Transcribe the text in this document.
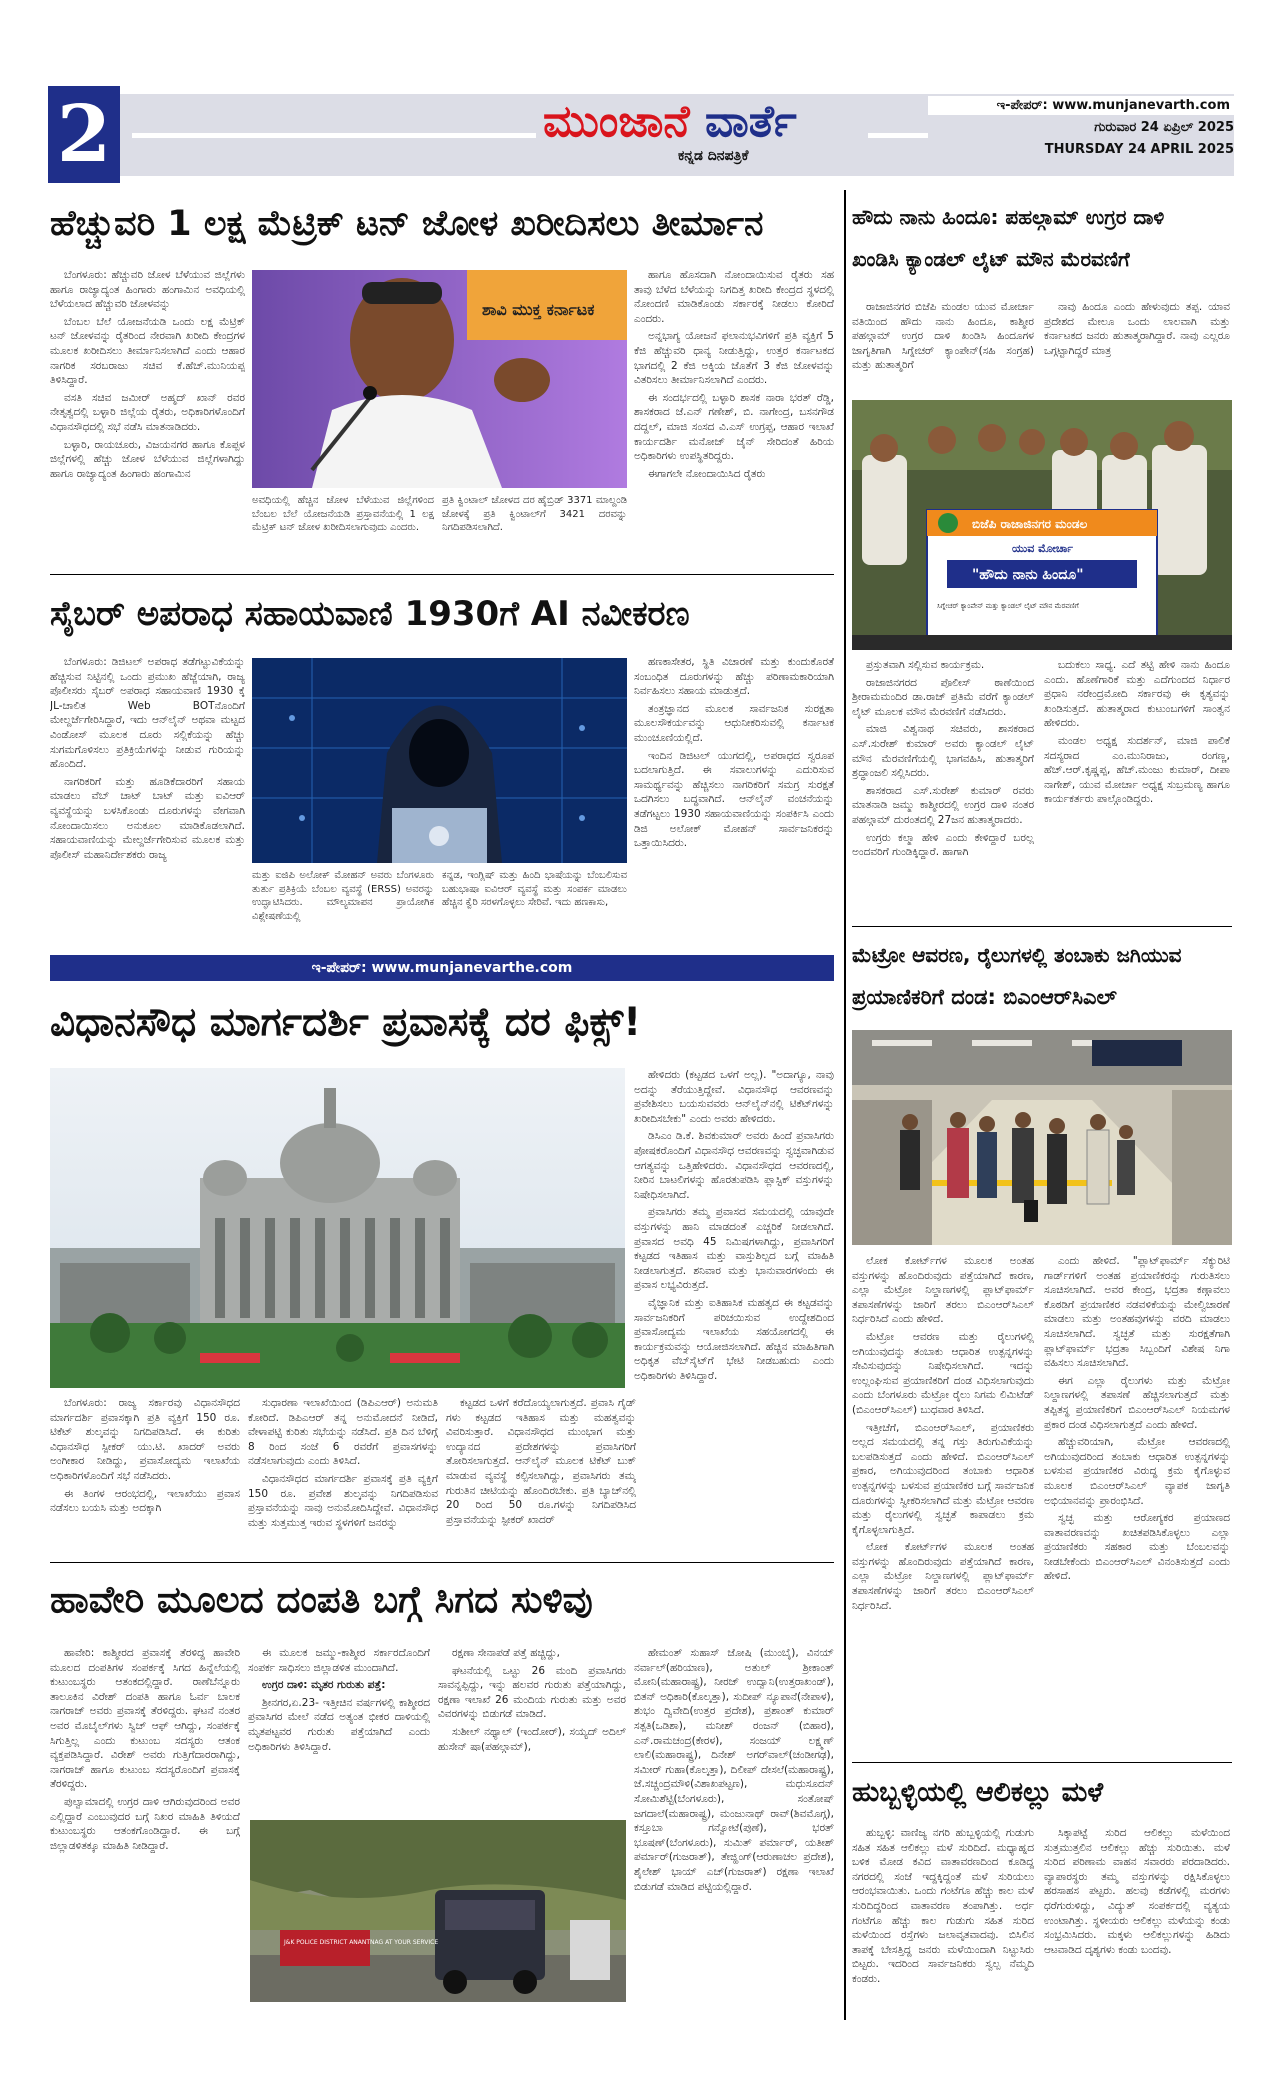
2	ಮುಂಜಾನೆ ವಾರ್ತೆ
ಕನ್ನಡ ದಿನಪತ್ರಿಕೆ
ಇ-ಪೇಪರ್: www.munjanevarth.com
ಗುರುವಾರ 24 ಏಪ್ರಿಲ್ 2025
THURSDAY 24 APRIL 2025
ಹೆಚ್ಚುವರಿ 1 ಲಕ್ಷ ಮೆಟ್ರಿಕ್ ಟನ್ ಜೋಳ ಖರೀದಿಸಲು ತೀರ್ಮಾನ

ಬೆಂಗಳೂರು: ಹೆಚ್ಚುವರಿ ಜೋಳ ಬೆಳೆಯುವ ಜಿಲ್ಲೆಗಳು ಹಾಗೂ ರಾಜ್ಯಾದ್ಯಂತ ಹಿಂಗಾರು ಹಂಗಾಮಿನ ಅವಧಿಯಲ್ಲಿ ಬೆಳೆಯಲಾದ ಹೆಚ್ಚುವರಿ ಜೋಳವನ್ನು

ಬೆಂಬಲ ಬೆಲೆ ಯೋಜನೆಯಡಿ ಒಂದು ಲಕ್ಷ ಮೆಟ್ರಿಕ್ ಟನ್ ಜೋಳವನ್ನು ರೈತರಿಂದ ನೇರವಾಗಿ ಖರೀದಿ ಕೇಂದ್ರಗಳ ಮೂಲಕ ಖರೀದಿಸಲು ತೀರ್ಮಾನಿಸಲಾಗಿದೆ ಎಂದು ಆಹಾರ ನಾಗರಿಕ ಸರಬರಾಜು ಸಚಿವ ಕೆ.ಹೆಚ್.ಮುನಿಯಪ್ಪ ತಿಳಿಸಿದ್ದಾರೆ.

ವಸತಿ ಸಚಿವ ಜಮೀರ್ ಅಹ್ಮದ್ ಖಾನ್ ರವರ ನೇತೃತ್ವದಲ್ಲಿ ಬಳ್ಳಾರಿ ಜಿಲ್ಲೆಯ ರೈತರು, ಅಧಿಕಾರಿಗಳೊಂದಿಗೆ ವಿಧಾನಸೌಧದಲ್ಲಿ ಸಭೆ ನಡೆಸಿ ಮಾತನಾಡಿದರು.

ಬಳ್ಳಾರಿ, ರಾಯಚೂರು, ವಿಜಯನಗರ ಹಾಗೂ ಕೊಪ್ಪಳ ಜಿಲ್ಲೆಗಳಲ್ಲಿ ಹೆಚ್ಚು ಜೋಳ ಬೆಳೆಯುವ ಜಿಲ್ಲೆಗಳಾಗಿದ್ದು ಹಾಗೂ ರಾಜ್ಯಾದ್ಯಂತ ಹಿಂಗಾರು ಹಂಗಾಮಿನ

ಶಾವಿ ಮುಕ್ತ ಕರ್ನಾಟಕ
ಅವಧಿಯಲ್ಲಿ ಹೆಚ್ಚಿನ ಜೋಳ ಬೆಳೆಯುವ ಜಿಲ್ಲೆಗಳಿಂದ ಬೆಂಬಲ ಬೆಲೆ ಯೋಜನೆಯಡಿ ಪ್ರಸ್ತಾವನೆಯಲ್ಲಿ 1 ಲಕ್ಷ ಮೆಟ್ರಿಕ್ ಟನ್ ಜೋಳ ಖರೀದಿಸಲಾಗುವುದು ಎಂದರು.
ಪ್ರತಿ ಕ್ವಿಂಟಾಲ್ ಜೋಳದ ದರ ಹೈಬ್ರಿಡ್ 3371 ಮಾಲ್ದಂಡಿ ಜೋಳಕ್ಕೆ ಪ್ರತಿ ಕ್ವಿಂಟಾಲ್‌ಗೆ 3421 ದರವನ್ನು ನಿಗದಿಪಡಿಸಲಾಗಿದೆ.

ಹಾಗೂ ಹೊಸದಾಗಿ ನೋಂದಾಯಿಸುವ ರೈತರು ಸಹ ತಾವು ಬೆಳೆದ ಬೆಳೆಯನ್ನು ನಿಗದಿತ್ತ ಖರೀದಿ ಕೇಂದ್ರದ ಸ್ಥಳದಲ್ಲಿ ನೋಂದಣಿ ಮಾಡಿಕೊಂಡು ಸರ್ಕಾರಕ್ಕೆ ನೀಡಲು ಕೋರಿದೆ ಎಂದರು.

ಅನ್ನಭಾಗ್ಯ ಯೋಜನೆ ಫಲಾನುಭವಿಗಳಿಗೆ ಪ್ರತಿ ವ್ಯಕ್ತಿಗೆ 5 ಕೆಜಿ ಹೆಚ್ಚುವರಿ ಧಾನ್ಯ ನೀಡುತ್ತಿದ್ದು, ಉತ್ತರ ಕರ್ನಾಟಕದ ಭಾಗದಲ್ಲಿ 2 ಕೆಜಿ ಅಕ್ಕಿಯ ಜೊತೆಗೆ 3 ಕೆಜಿ ಜೋಳವನ್ನು ವಿತರಿಸಲು ತೀರ್ಮಾನಿಸಲಾಗಿದೆ ಎಂದರು.

ಈ ಸಂದರ್ಭದಲ್ಲಿ ಬಳ್ಳಾರಿ ಶಾಸಕ ನಾರಾ ಭರತ್ ರೆಡ್ಡಿ, ಶಾಸಕರಾದ ಜೆ.ಎನ್ ಗಣೇಶ್, ಬಿ. ನಾಗೇಂದ್ರ, ಬಸನಗೌಡ ದದ್ದಲ್, ಮಾಜಿ ಸಂಸದ ವಿ.ಎಸ್ ಉಗ್ರಪ್ಪ, ಆಹಾರ ಇಲಾಖೆ ಕಾರ್ಯದರ್ಶಿ ಮನೋಜ್ ಜೈನ್ ಸೇರಿದಂತೆ ಹಿರಿಯ ಅಧಿಕಾರಿಗಳು ಉಪಸ್ಥಿತರಿದ್ದರು.

ಈಗಾಗಲೇ ನೋಂದಾಯಿಸಿದ ರೈತರು

ಸೈಬರ್ ಅಪರಾಧ ಸಹಾಯವಾಣಿ 1930ಗೆ AI ನವೀಕರಣ

ಬೆಂಗಳೂರು: ಡಿಜಿಟಲ್ ಅಪರಾಧ ತಡೆಗಟ್ಟುವಿಕೆಯನ್ನು ಹೆಚ್ಚಿಸುವ ನಿಟ್ಟಿನಲ್ಲಿ ಒಂದು ಪ್ರಮುಖ ಹೆಜ್ಜೆಯಾಗಿ, ರಾಜ್ಯ ಪೊಲೀಸರು ಸೈಬರ್ ಅಪರಾಧ ಸಹಾಯವಾಣಿ 1930 ಕ್ಕೆ JL-ಚಾಲಿತ Web BOTನೊಂದಿಗೆ ಮೇಲ್ದರ್ಜೆಗೇರಿಸಿದ್ದಾರೆ, ಇದು ಆನ್‌ಲೈನ್ ಅಥವಾ ಮಟ್ಟದ ವಿಂಡೋಸ್ ಮೂಲಕ ದೂರು ಸಲ್ಲಿಕೆಯನ್ನು ಹೆಚ್ಚು ಸುಗಮಗೊಳಿಸಲು ಪ್ರತಿಕ್ರಿಯೆಗಳನ್ನು ನೀಡುವ ಗುರಿಯನ್ನು ಹೊಂದಿದೆ.

ನಾಗರಿಕರಿಗೆ ಮತ್ತು ಹೂಡಿಕೆದಾರರಿಗೆ ಸಹಾಯ ಮಾಡಲು ವೆಬ್ ಚಾಟ್ ಬಾಟ್ ಮತ್ತು ಐವಿಆರ್ ವ್ಯವಸ್ಥೆಯನ್ನು ಬಳಸಿಕೊಂಡು ದೂರುಗಳನ್ನು ವೇಗವಾಗಿ ನೋಂದಾಯಿಸಲು ಅನುಕೂಲ ಮಾಡಿಕೊಡಲಾಗಿದೆ. ಸಹಾಯವಾಣಿಯನ್ನು ಮೇಲ್ದರ್ಜೆಗೇರಿಸುವ ಮೂಲಕ ಮತ್ತು ಪೊಲೀಸ್ ಮಹಾನಿರ್ದೇಶಕರು ರಾಜ್ಯ

ಮತ್ತು ಐಜಿಪಿ ಅಲೋಕ್ ಮೋಹನ್ ಅವರು ಬೆಂಗಳೂರು ತುರ್ತು ಪ್ರತಿಕ್ರಿಯೆ ಬೆಂಬಲ ವ್ಯವಸ್ಥೆ (ERSS) ಅವರನ್ನು ಉದ್ಘಾಟಿಸಿದರು. ಮೌಲ್ಯಮಾಪನ ಪ್ರಾಯೋಗಿಕ ವಿಶ್ಲೇಷಣೆಯಲ್ಲಿ
ಕನ್ನಡ, ಇಂಗ್ಲಿಷ್ ಮತ್ತು ಹಿಂದಿ ಭಾಷೆಯನ್ನು ಬೆಂಬಲಿಸುವ ಬಹುಭಾಷಾ ಐವಿಆರ್ ವ್ಯವಸ್ಥೆ ಮತ್ತು ಸಂಪರ್ಕ ಮಾಡಲು ಹೆಚ್ಚಿನ ಕ್ವೆರಿ ಸರಳಗೊಳ್ಳಲು ಸೇರಿವೆ. ಇದು ಹಣಕಾಸು,

ಹಣಕಾಸೇತರ, ಸ್ಥಿತಿ ವಿಚಾರಣೆ ಮತ್ತು ಕುಂದುಕೊರತೆ ಸಂಬಂಧಿತ ದೂರುಗಳನ್ನು ಹೆಚ್ಚು ಪರಿಣಾಮಕಾರಿಯಾಗಿ ನಿರ್ವಹಿಸಲು ಸಹಾಯ ಮಾಡುತ್ತದೆ.

ತಂತ್ರಜ್ಞಾನದ ಮೂಲಕ ಸಾರ್ವಜನಿಕ ಸುರಕ್ಷತಾ ಮೂಲಸೌಕರ್ಯವನ್ನು ಆಧುನೀಕರಿಸುವಲ್ಲಿ ಕರ್ನಾಟಕ ಮುಂಚೂಣಿಯಲ್ಲಿದೆ.

ಇಂದಿನ ಡಿಜಿಟಲ್ ಯುಗದಲ್ಲಿ, ಅಪರಾಧದ ಸ್ವರೂಪ ಬದಲಾಗುತ್ತಿದೆ. ಈ ಸವಾಲುಗಳನ್ನು ಎದುರಿಸುವ ಸಾಮರ್ಥ್ಯವನ್ನು ಹೆಚ್ಚಿಸಲು ನಾಗರಿಕರಿಗೆ ಸಮಗ್ರ ಸುರಕ್ಷತೆ ಒದಗಿಸಲು ಬದ್ಧವಾಗಿದೆ. ಆನ್‌ಲೈನ್ ವಂಚನೆಯನ್ನು ತಡೆಗಟ್ಟಲು 1930 ಸಹಾಯವಾಣಿಯನ್ನು ಸಂಪರ್ಕಿಸಿ ಎಂದು ಡಿಜಿ ಅಲೋಕ್ ಮೋಹನ್ ಸಾರ್ವಜನಿಕರನ್ನು ಒತ್ತಾಯಿಸಿದರು.

ಇ-ಪೇಪರ್: www.munjanevarthe.com
ವಿಧಾನಸೌಧ ಮಾರ್ಗದರ್ಶಿ ಪ್ರವಾಸಕ್ಕೆ ದರ ಫಿಕ್ಸ್!

ಹೇಳಿದರು (ಕಟ್ಟಡದ ಒಳಗೆ ಅಲ್ಲ). "ಅದಾಗ್ಯೂ, ನಾವು ಅದನ್ನು ತೆರೆಯುತ್ತಿದ್ದೇವೆ. ವಿಧಾನಸೌಧ ಆವರಣವನ್ನು ಪ್ರವೇಶಿಸಲು ಬಯಸುವವರು ಆನ್‌ಲೈನ್‌ನಲ್ಲಿ ಟಿಕೆಟ್‌ಗಳನ್ನು ಖರೀದಿಸಬೇಕು" ಎಂದು ಅವರು ಹೇಳಿದರು.

ಡಿಸಿಎಂ ಡಿ.ಕೆ. ಶಿವಕುಮಾರ್ ಅವರು ಹಿಂದೆ ಪ್ರವಾಸಿಗರು ಪೋಷಕರೊಂದಿಗೆ ವಿಧಾನಸೌಧ ಆವರಣವನ್ನು ಸ್ವಚ್ಛವಾಗಿಡುವ ಆಗತ್ಯವನ್ನು ಒತ್ತಿಹೇಳಿದರು. ವಿಧಾನಸೌಧದ ಆವರಣದಲ್ಲಿ, ನೀರಿನ ಬಾಟಲಿಗಳನ್ನು ಹೊರತುಪಡಿಸಿ ಪ್ಲಾಸ್ಟಿಕ್ ವಸ್ತುಗಳನ್ನು ನಿಷೇಧಿಸಲಾಗಿದೆ.

ಪ್ರವಾಸಿಗರು ತಮ್ಮ ಪ್ರವಾಸದ ಸಮಯದಲ್ಲಿ ಯಾವುದೇ ವಸ್ತುಗಳನ್ನು ಹಾನಿ ಮಾಡದಂತೆ ಎಚ್ಚರಿಕೆ ನೀಡಲಾಗಿದೆ. ಪ್ರವಾಸದ ಅವಧಿ 45 ನಿಮಿಷಗಳಾಗಿದ್ದು, ಪ್ರವಾಸಿಗರಿಗೆ ಕಟ್ಟಡದ ಇತಿಹಾಸ ಮತ್ತು ವಾಸ್ತುಶಿಲ್ಪದ ಬಗ್ಗೆ ಮಾಹಿತಿ ನೀಡಲಾಗುತ್ತದೆ. ಶನಿವಾರ ಮತ್ತು ಭಾನುವಾರಗಳಂದು ಈ ಪ್ರವಾಸ ಲಭ್ಯವಿರುತ್ತದೆ.

ವೈಜ್ಞಾನಿಕ ಮತ್ತು ಐತಿಹಾಸಿಕ ಮಹತ್ವದ ಈ ಕಟ್ಟಡವನ್ನು ಸಾರ್ವಜನಿಕರಿಗೆ ಪರಿಚಯಿಸುವ ಉದ್ದೇಶದಿಂದ ಪ್ರವಾಸೋದ್ಯಮ ಇಲಾಖೆಯ ಸಹಯೋಗದಲ್ಲಿ ಈ ಕಾರ್ಯಕ್ರಮವನ್ನು ಆಯೋಜಿಸಲಾಗಿದೆ. ಹೆಚ್ಚಿನ ಮಾಹಿತಿಗಾಗಿ ಅಧಿಕೃತ ವೆಬ್‌ಸೈಟ್‌ಗೆ ಭೇಟಿ ನೀಡಬಹುದು ಎಂದು ಅಧಿಕಾರಿಗಳು ತಿಳಿಸಿದ್ದಾರೆ.

ಬೆಂಗಳೂರು: ರಾಜ್ಯ ಸರ್ಕಾರವು ವಿಧಾನಸೌಧದ ಮಾರ್ಗದರ್ಶಿ ಪ್ರವಾಸಕ್ಕಾಗಿ ಪ್ರತಿ ವ್ಯಕ್ತಿಗೆ 150 ರೂ. ಟಿಕೆಟ್ ಶುಲ್ಕವನ್ನು ನಿಗದಿಪಡಿಸಿದೆ. ಈ ಕುರಿತು ವಿಧಾನಸೌಧ ಸ್ಪೀಕರ್ ಯು.ಟಿ. ಖಾದರ್ ಅವರು ಅಂಗೀಕಾರ ನೀಡಿದ್ದು, ಪ್ರವಾಸೋದ್ಯಮ ಇಲಾಖೆಯ ಅಧಿಕಾರಿಗಳೊಂದಿಗೆ ಸಭೆ ನಡೆಸಿದರು.

ಈ ತಿಂಗಳ ಆರಂಭದಲ್ಲಿ, ಇಲಾಖೆಯು ಪ್ರವಾಸ ನಡೆಸಲು ಬಯಸಿ ಮತ್ತು ಅದಕ್ಕಾಗಿ

ಸುಧಾರಣಾ ಇಲಾಖೆಯಿಂದ (ಡಿಪಿಎಆರ್) ಅನುಮತಿ ಕೋರಿದೆ. ಡಿಪಿಎಆರ್ ತನ್ನ ಅನುಮೋದನೆ ನೀಡಿದೆ, ವೇಳಾಪಟ್ಟಿ ಕುರಿತು ಸಭೆಯನ್ನು ನಡೆಸಿದೆ. ಪ್ರತಿ ದಿನ ಬೆಳಿಗ್ಗೆ 8 ರಿಂದ ಸಂಜೆ 6 ರವರೆಗೆ ಪ್ರವಾಸಗಳನ್ನು ನಡೆಸಲಾಗುವುದು ಎಂದು ತಿಳಿಸಿದೆ.

ವಿಧಾನಸೌಧದ ಮಾರ್ಗದರ್ಶಿ ಪ್ರವಾಸಕ್ಕೆ ಪ್ರತಿ ವ್ಯಕ್ತಿಗೆ 150 ರೂ. ಪ್ರವೇಶ ಶುಲ್ಕವನ್ನು ನಿಗದಿಪಡಿಸುವ ಪ್ರಸ್ತಾವನೆಯನ್ನು ನಾವು ಅನುಮೋದಿಸಿದ್ದೇವೆ. ವಿಧಾನಸೌಧ ಮತ್ತು ಸುತ್ತಮುತ್ತ ಇರುವ ಸ್ಥಳಗಳಿಗೆ ಜನರನ್ನು

ಕಟ್ಟಡದ ಒಳಗೆ ಕರೆದೊಯ್ಯಲಾಗುತ್ತದೆ. ಪ್ರವಾಸಿ ಗೈಡ್ ಗಳು ಕಟ್ಟಡದ ಇತಿಹಾಸ ಮತ್ತು ಮಹತ್ವವನ್ನು ವಿವರಿಸುತ್ತಾರೆ. ವಿಧಾನಸೌಧದ ಮುಂಭಾಗ ಮತ್ತು ಉದ್ಯಾನದ ಪ್ರದೇಶಗಳನ್ನು ಪ್ರವಾಸಿಗರಿಗೆ ತೋರಿಸಲಾಗುತ್ತದೆ. ಆನ್‌ಲೈನ್ ಮೂಲಕ ಟಿಕೆಟ್ ಬುಕ್ ಮಾಡುವ ವ್ಯವಸ್ಥೆ ಕಲ್ಪಿಸಲಾಗಿದ್ದು, ಪ್ರವಾಸಿಗರು ತಮ್ಮ ಗುರುತಿನ ಚೀಟಿಯನ್ನು ಹೊಂದಿರಬೇಕು. ಪ್ರತಿ ಬ್ಯಾಚ್‌ನಲ್ಲಿ 20 ರಿಂದ 50 ರೂ.ಗಳನ್ನು ನಿಗದಿಪಡಿಸಿದ ಪ್ರಸ್ತಾವನೆಯನ್ನು ಸ್ಪೀಕರ್ ಖಾದರ್

ಹಾವೇರಿ ಮೂಲದ ದಂಪತಿ ಬಗ್ಗೆ ಸಿಗದ ಸುಳಿವು

ಹಾವೇರಿ: ಕಾಶ್ಮೀರದ ಪ್ರವಾಸಕ್ಕೆ ತೆರಳಿದ್ದ ಹಾವೇರಿ ಮೂಲದ ದಂಪತಿಗಳ ಸಂಪರ್ಕಕ್ಕೆ ಸಿಗದ ಹಿನ್ನೆಲೆಯಲ್ಲಿ ಕುಟುಂಬಸ್ಥರು ಆತಂಕದಲ್ಲಿದ್ದಾರೆ. ರಾಣೆಬೆನ್ನೂರು ತಾಲೂಕಿನ ವಿರೇಶ್ ದಂಪತಿ ಹಾಗೂ ಓರ್ವ ಬಾಲಕ ನಾಗರಾಜ್ ಅವರು ಪ್ರವಾಸಕ್ಕೆ ತೆರಳಿದ್ದರು. ಘಟನೆ ನಂತರ ಅವರ ಮೊಬೈಲ್‌ಗಳು ಸ್ವಿಚ್ ಆಫ್ ಆಗಿದ್ದು, ಸಂಪರ್ಕಕ್ಕೆ ಸಿಗುತ್ತಿಲ್ಲ ಎಂದು ಕುಟುಂಬ ಸದಸ್ಯರು ಆತಂಕ ವ್ಯಕ್ತಪಡಿಸಿದ್ದಾರೆ. ವಿರೇಶ್ ಅವರು ಗುತ್ತಿಗೆದಾರರಾಗಿದ್ದು, ನಾಗರಾಜ್ ಹಾಗೂ ಕುಟುಂಬ ಸದಸ್ಯರೊಂದಿಗೆ ಪ್ರವಾಸಕ್ಕೆ ತೆರಳಿದ್ದರು.

ಪುಲ್ವಾಮಾದಲ್ಲಿ ಉಗ್ರರ ದಾಳಿ ಆಗಿರುವುದರಿಂದ ಅವರ ಎಲ್ಲಿದ್ದಾರೆ ಎಂಬುವುದರ ಬಗ್ಗೆ ನಿಖರ ಮಾಹಿತಿ ತಿಳಿಯದೆ ಕುಟುಂಬಸ್ಥರು ಆತಂಕಗೊಂಡಿದ್ದಾರೆ. ಈ ಬಗ್ಗೆ ಜಿಲ್ಲಾಡಳಿತಕ್ಕೂ ಮಾಹಿತಿ ನೀಡಿದ್ದಾರೆ.

ಈ ಮೂಲಕ ಜಮ್ಮು-ಕಾಶ್ಮೀರ ಸರ್ಕಾರದೊಂದಿಗೆ ಸಂಪರ್ಕ ಸಾಧಿಸಲು ಜಿಲ್ಲಾಡಳಿತ ಮುಂದಾಗಿದೆ.

ಉಗ್ರರ ದಾಳಿ: ಮೃತರ ಗುರುತು ಪತ್ತೆ:

ಶ್ರೀನಗರ,ಏ.23- ಇತ್ತೀಚಿನ ವರ್ಷಗಳಲ್ಲಿ ಕಾಶ್ಮೀರದ ಪ್ರವಾಸಿಗರ ಮೇಲೆ ನಡೆದ ಅತ್ಯಂತ ಭೀಕರ ದಾಳಿಯಲ್ಲಿ ಮೃತಪಟ್ಟವರ ಗುರುತು ಪತ್ತೆಯಾಗಿದೆ ಎಂದು ಅಧಿಕಾರಿಗಳು ತಿಳಿಸಿದ್ದಾರೆ.

ರಕ್ಷಣಾ ಸೇನಾಪಡೆ ಪತ್ತೆ ಹಚ್ಚಿದ್ದು,

ಘಟನೆಯಲ್ಲಿ ಒಟ್ಟು 26 ಮಂದಿ ಪ್ರವಾಸಿಗರು ಸಾವನ್ನಪ್ಪಿದ್ದು, ಇನ್ನು ಹಲವರ ಗುರುತು ಪತ್ತೆಯಾಗಿದ್ದು, ರಕ್ಷಣಾ ಇಲಾಖೆ 26 ಮಂದಿಯ ಗುರುತು ಮತ್ತು ಅವರ ವಿವರಗಳನ್ನು ಬಿಡುಗಡೆ ಮಾಡಿದೆ.

ಸುಶೀಲ್ ನಥ್ಯಾಲ್ (ಇಂದೋರ್), ಸಯ್ಯದ್ ಅದಿಲ್ ಹುಸೇನ್ ಷಾ(ಪಹಲ್ಗಾಮ್),

J&K POLICE DISTRICT ANANTNAG AT YOUR SERVICE

ಹೇಮಂತ್ ಸುಹಾಸ್ ಜೋಷಿ (ಮುಂಬೈ), ವಿನಯ್ ನರ್ವಾಲ್(ಹರಿಯಾಣ), ಅತುಲ್ ಶ್ರೀಕಾಂತ್ ಮೋನಿ(ಮಹಾರಾಷ್ಟ್ರ), ನೀರಜ್ ಉದ್ವಾನಿ(ಉತ್ತರಾಖಂಡ್), ಬಿತನ್ ಅಧಿಕಾರಿ(ಕೊಲ್ಕತ್ತಾ), ಸುದೀಪ್ ನ್ಯೂಪಾನೆ(ನೇಪಾಳ), ಶುಭಂ ದ್ವಿವೇದಿ(ಉತ್ತರ ಪ್ರದೇಶ), ಪ್ರಶಾಂತ್ ಕುಮಾರ್ ಸತ್ಪತಿ(ಒಡಿಶಾ), ಮನೀಶ್ ರಂಜನ್ (ಬಿಹಾರ), ಎನ್.ರಾಮಚಂದ್ರ(ಕೇರಳ), ಸಂಜಯ್ ಲಕ್ಷ್ಮಣ್ ಲಾಲಿ(ಮಹಾರಾಷ್ಟ್ರ), ದಿನೇಶ್ ಅಗರ್‌ವಾಲ್(ಚಂಡೀಗಢ), ಸಮೀರ್ ಗುಹಾ(ಕೊಲ್ಕತ್ತಾ), ದಿಲೀಪ್ ದೇಸಲೆ(ಮಹಾರಾಷ್ಟ್ರ), ಜೆ.ಸಚ್ಚಂದ್ರಮೌಳಿ(ವಿಶಾಖಪಟ್ಟಣ), ಮಧುಸೂದನ್ ಸೋಮಿಶೆಟ್ಟಿ(ಬೆಂಗಳೂರು), ಸಂತೋಷ್ ಜಗದಾಲೆ(ಮಹಾರಾಷ್ಟ್ರ), ಮಂಜುನಾಥ್ ರಾವ್(ಶಿವಮೊಗ್ಗ), ಕಸ್ತೂಬಾ ಗನ್ವೋಟೆ(ಪುಣೆ), ಭರತ್ ಭೂಷಣ್(ಬೆಂಗಳೂರು), ಸುಮಿತ್ ಪರ್ಮಾರ್, ಯತೀಶ್ ಪರ್ಮಾರ್(ಗುಜರಾತ್), ತೇಜ್ಹಿಂಗ್(ಆರುಣಾಚಲ ಪ್ರದೇಶ), ಶೈಲೇಶ್ ಭಾಯ್ ಎಚ್(ಗುಜರಾತ್) ರಕ್ಷಣಾ ಇಲಾಖೆ ಬಿಡುಗಡೆ ಮಾಡಿದ ಪಟ್ಟಿಯಲ್ಲಿದ್ದಾರೆ.

ಹೌದು ನಾನು ಹಿಂದೂ: ಪಹಲ್ಗಾಮ್ ಉಗ್ರರ ದಾಳಿ
ಖಂಡಿಸಿ ಕ್ಯಾಂಡಲ್ ಲೈಟ್ ಮೌನ ಮೆರವಣಿಗೆ

ರಾಜಾಜಿನಗರ ಬಿಜೆಪಿ ಮಂಡಲ ಯುವ ಮೋರ್ಚಾ ವತಿಯಿಂದ ಹೌದು ನಾನು ಹಿಂದೂ, ಕಾಶ್ಮೀರ ಪಹಲ್ಗಾಮ್ ಉಗ್ರರ ದಾಳಿ ಖಂಡಿಸಿ ಹಿಂದೂಗಳ ಜಾಗೃತಿಗಾಗಿ ಸಿಗ್ನೇಚರ್ ಕ್ಯಾಂಪೇನ್(ಸಹಿ ಸಂಗ್ರಹ) ಮತ್ತು ಹುತಾತ್ಮರಿಗೆ

ನಾವು ಹಿಂದೂ ಎಂದು ಹೇಳುವುದು ತಪ್ಪ. ಯಾವ ಪ್ರದೇಶದ ಮೇಲೂ ಒಂದು ಲಾಲವಾಗಿ ಮತ್ತು ಕರ್ನಾಟಕದ ಜನರು ಹುತಾತ್ಮರಾಗಿದ್ದಾರೆ. ನಾವು ಎಲ್ಲರೂ ಒಗ್ಗಟ್ಟಾಗಿದ್ದರೆ ಮಾತ್ರ

ಬಿಜೆಪಿ ರಾಜಾಜಿನಗರ ಮಂಡಲ
ಯುವ ಮೋರ್ಚಾ
"ಹೌದು ನಾನು ಹಿಂದೂ"
ಸಿಗ್ನೇಚರ್ ಕ್ಯಾಂಪೇನ್ ಮತ್ತು ಕ್ಯಾಂಡಲ್ ಲೈಟ್ ಮೌನ ಮೆರವಣಿಗೆ

ಪ್ರಸ್ತುತವಾಗಿ ಸಲ್ಲಿಸುವ ಕಾರ್ಯಕ್ರಮ.

ರಾಜಾಜಿನಗರದ ಪೊಲೀಸ್ ಠಾಣೆಯಿಂದ ಶ್ರೀರಾಮಮಂದಿರ ಡಾ.ರಾಜ್ ಪ್ರತಿಮೆ ವರೆಗೆ ಕ್ಯಾಂಡಲ್ ಲೈಟ್ ಮೂಲಕ ಮೌನ ಮೆರವಣಿಗೆ ನಡೆಸಿದರು.

ಮಾಜಿ ವಿಶ್ವನಾಥ ಸಚಿವರು, ಶಾಸಕರಾದ ಎಸ್.ಸುರೇಶ್ ಕುಮಾರ್ ಅವರು ಕ್ಯಾಂಡಲ್ ಲೈಟ್ ಮೌನ ಮೆರವಣಿಗೆಯಲ್ಲಿ ಭಾಗವಹಿಸಿ, ಹುತಾತ್ಮರಿಗೆ ಶ್ರದ್ಧಾಂಜಲಿ ಸಲ್ಲಿಸಿದರು.

ಶಾಸಕರಾದ ಎಸ್.ಸುರೇಶ್ ಕುಮಾರ್ ರವರು ಮಾತನಾಡಿ ಜಮ್ಮು ಕಾಶ್ಮೀರದಲ್ಲಿ ಉಗ್ರರ ದಾಳಿ ನಂತರ ಪಹಲ್ಗಾಮ್ ದುರಂತದಲ್ಲಿ 27ಜನ ಹುತಾತ್ಮರಾದರು.

ಉಗ್ರರು ಕಲ್ಮಾ ಹೇಳಿ ಎಂದು ಕೇಳಿದ್ದಾರೆ ಬರಲ್ಲ ಅಂದವರಿಗೆ ಗುಂಡಿಕ್ಕಿದ್ದಾರೆ. ಹಾಗಾಗಿ

ಬದುಕಲು ಸಾಧ್ಯ. ಎದೆ ತಟ್ಟಿ ಹೇಳಿ ನಾನು ಹಿಂದೂ ಎಂದು. ಹೊಣೆಗಾರಿಕೆ ಮತ್ತು ಎದೆಗುಂದದ ನಿರ್ಧಾರ ಪ್ರಧಾನಿ ನರೇಂದ್ರಮೋದಿ ಸರ್ಕಾರವು ಈ ಕೃತ್ಯವನ್ನು ಖಂಡಿಸುತ್ತದೆ. ಹುತಾತ್ಮರಾದ ಕುಟುಂಬಗಳಿಗೆ ಸಾಂತ್ವನ ಹೇಳಿದರು.

ಮಂಡಲ ಅಧ್ಯಕ್ಷ ಸುದರ್ಶನ್, ಮಾಜಿ ಪಾಲಿಕೆ ಸದಸ್ಯರಾದ ಎಂ.ಮುನಿರಾಜು, ರಂಗಣ್ಣ, ಹೆಚ್.ಆರ್.ಕೃಷ್ಣಪ್ಪ, ಹೆಚ್.ಮಂಜು ಕುಮಾರ್, ದೀಪಾ ನಾಗೇಶ್, ಯುವ ಮೋರ್ಚಾ ಅಧ್ಯಕ್ಷ ಸುಬ್ರಮಣ್ಯ ಹಾಗೂ ಕಾರ್ಯಕರ್ತರು ಪಾಲ್ಗೊಂಡಿದ್ದರು.

ಮೆಟ್ರೋ ಆವರಣ, ರೈಲುಗಳಲ್ಲಿ ತಂಬಾಕು ಜಗಿಯುವ
ಪ್ರಯಾಣಿಕರಿಗೆ ದಂಡ: ಬಿಎಂಆರ್‌ಸಿಎಲ್

ಲೋಕ ಕೋರ್ಟ್‌ಗಳ ಮೂಲಕ ಅಂತಹ ವಸ್ತುಗಳನ್ನು ಹೊಂದಿರುವುದು ಪತ್ತೆಯಾಗಿದೆ ಕಾರಣ, ಎಲ್ಲಾ ಮೆಟ್ರೋ ನಿಲ್ದಾಣಗಳಲ್ಲಿ ಪ್ಲಾಟ್‌ಫಾರ್ಮ್ ತಪಾಸಣೆಗಳನ್ನು ಜಾರಿಗೆ ತರಲು ಬಿಎಂಆರ್‌ಸಿಎಲ್ ನಿರ್ಧರಿಸಿದೆ ಎಂದು ಹೇಳಿದೆ.

ಮೆಟ್ರೋ ಆವರಣ ಮತ್ತು ರೈಲುಗಳಲ್ಲಿ ಅಗಿಯುವುದನ್ನು ತಂಬಾಕು ಆಧಾರಿತ ಉತ್ಪನ್ನಗಳನ್ನು ಸೇವಿಸುವುದನ್ನು ನಿಷೇಧಿಸಲಾಗಿದೆ. ಇದನ್ನು ಉಲ್ಲಂಘಿಸುವ ಪ್ರಯಾಣಿಕರಿಗೆ ದಂಡ ವಿಧಿಸಲಾಗುವುದು ಎಂದು ಬೆಂಗಳೂರು ಮೆಟ್ರೋ ರೈಲು ನಿಗಮ ಲಿಮಿಟೆಡ್ (ಬಿಎಂಆರ್‌ಸಿಎಲ್) ಬುಧವಾರ ತಿಳಿಸಿದೆ.

ಇತ್ತೀಚೆಗೆ, ಬಿಎಂಆರ್‌ಸಿಎಲ್, ಪ್ರಯಾಣಿಕರು ಅಲ್ಲದ ಸಮಯದಲ್ಲಿ ತನ್ನ ಗಸ್ತು ತಿರುಗುವಿಕೆಯನ್ನು ಬಲಪಡಿಸುತ್ತದೆ ಎಂದು ಹೇಳಿದೆ. ಬಿಎಂಆರ್‌ಸಿಎಲ್ ಪ್ರಕಾರ, ಅಗಿಯುವುದರಿಂದ ತಂಬಾಕು ಆಧಾರಿತ ಉತ್ಪನ್ನಗಳನ್ನು ಬಳಸುವ ಪ್ರಯಾಣಿಕರ ಬಗ್ಗೆ ಸಾರ್ವಜನಿಕ ದೂರುಗಳನ್ನು ಸ್ವೀಕರಿಸಲಾಗಿದೆ ಮತ್ತು ಮೆಟ್ರೋ ಆವರಣ ಮತ್ತು ರೈಲುಗಳಲ್ಲಿ ಸ್ವಚ್ಛತೆ ಕಾಪಾಡಲು ಕ್ರಮ ಕೈಗೊಳ್ಳಲಾಗುತ್ತಿದೆ.

ಲೋಕ ಕೋರ್ಟ್‌ಗಳ ಮೂಲಕ ಅಂತಹ ವಸ್ತುಗಳನ್ನು ಹೊಂದಿರುವುದು ಪತ್ತೆಯಾಗಿದೆ ಕಾರಣ, ಎಲ್ಲಾ ಮೆಟ್ರೋ ನಿಲ್ದಾಣಗಳಲ್ಲಿ ಪ್ಲಾಟ್‌ಫಾರ್ಮ್ ತಪಾಸಣೆಗಳನ್ನು ಜಾರಿಗೆ ತರಲು ಬಿಎಂಆರ್‌ಸಿಎಲ್ ನಿರ್ಧರಿಸಿದೆ.

ಎಂದು ಹೇಳಿದೆ. "ಪ್ಲಾಟ್‌ಫಾರ್ಮ್ ಸೆಕ್ಯುರಿಟಿ ಗಾರ್ಡ್‌ಗಳಿಗೆ ಅಂತಹ ಪ್ರಯಾಣಿಕರನ್ನು ಗುರುತಿಸಲು ಸೂಚಿಸಲಾಗಿದೆ. ಅವರ ಕೇಂದ್ರ, ಭದ್ರತಾ ಕಣ್ಗಾವಲು ಕೊಠಡಿಗೆ ಪ್ರಯಾಣಿಕರ ನಡವಳಿಕೆಯನ್ನು ಮೇಲ್ವಿಚಾರಣೆ ಮಾಡಲು ಮತ್ತು ಅಂತಹವುಗಳನ್ನು ವರದಿ ಮಾಡಲು ಸೂಚಿಸಲಾಗಿದೆ. ಸ್ವಚ್ಛತೆ ಮತ್ತು ಸುರಕ್ಷತೆಗಾಗಿ ಪ್ಲಾಟ್‌ಫಾರ್ಮ್ ಭದ್ರತಾ ಸಿಬ್ಬಂದಿಗೆ ವಿಶೇಷ ನಿಗಾ ವಹಿಸಲು ಸೂಚಿಸಲಾಗಿದೆ.

ಈಗ ಎಲ್ಲಾ ರೈಲುಗಳು ಮತ್ತು ಮೆಟ್ರೋ ನಿಲ್ದಾಣಗಳಲ್ಲಿ ತಪಾಸಣೆ ಹೆಚ್ಚಿಸಲಾಗುತ್ತದೆ ಮತ್ತು ತಪ್ಪಿತಸ್ಥ ಪ್ರಯಾಣಿಕರಿಗೆ ಬಿಎಂಆರ್‌ಸಿಎಲ್ ನಿಯಮಗಳ ಪ್ರಕಾರ ದಂಡ ವಿಧಿಸಲಾಗುತ್ತದೆ ಎಂದು ಹೇಳಿದೆ.

ಹೆಚ್ಚುವರಿಯಾಗಿ, ಮೆಟ್ರೋ ಆವರಣದಲ್ಲಿ ಅಗಿಯುವುದರಿಂದ ತಂಬಾಕು ಆಧಾರಿತ ಉತ್ಪನ್ನಗಳನ್ನು ಬಳಸುವ ಪ್ರಯಾಣಿಕರ ವಿರುದ್ಧ ಕ್ರಮ ಕೈಗೊಳ್ಳುವ ಮೂಲಕ ಬಿಎಂಆರ್‌ಸಿಎಲ್ ವ್ಯಾಪಕ ಜಾಗೃತಿ ಅಭಿಯಾನವನ್ನು ಪ್ರಾರಂಭಿಸಿದೆ.

ಸ್ವಚ್ಛ ಮತ್ತು ಆರೋಗ್ಯಕರ ಪ್ರಯಾಣದ ವಾತಾವರಣವನ್ನು ಖಚಿತಪಡಿಸಿಕೊಳ್ಳಲು ಎಲ್ಲಾ ಪ್ರಯಾಣಿಕರು ಸಹಕಾರ ಮತ್ತು ಬೆಂಬಲವನ್ನು ನೀಡಬೇಕೆಂದು ಬಿಎಂಆರ್‌ಸಿಎಲ್ ವಿನಂತಿಸುತ್ತದೆ ಎಂದು ಹೇಳಿದೆ.

ಹುಬ್ಬಳ್ಳಿಯಲ್ಲಿ ಆಲಿಕಲ್ಲು ಮಳೆ

ಹುಬ್ಬಳ್ಳಿ: ವಾಣಿಜ್ಯ ನಗರಿ ಹುಬ್ಬಳ್ಳಿಯಲ್ಲಿ ಗುಡುಗು ಸಹಿತ ಸಹಿತ ಆಲಿಕಲ್ಲು ಮಳೆ ಸುರಿದಿದೆ. ಮಧ್ಯಾಹ್ನದ ಬಳಿಕ ಮೋಡ ಕವಿದ ವಾತಾವರಣದಿಂದ ಕೂಡಿದ್ದ ನಗರದಲ್ಲಿ ಸಂಜೆ ಇದ್ದಕ್ಕಿದ್ದಂತೆ ಮಳೆ ಸುರಿಯಲು ಆರಂಭವಾಯಿತು. ಒಂದು ಗಂಟೆಗೂ ಹೆಚ್ಚು ಕಾಲ ಮಳೆ ಸುರಿದಿದ್ದರಿಂದ ವಾತಾವರಣ ತಂಪಾಗಿತ್ತು. ಅರ್ಧ ಗಂಟೆಗೂ ಹೆಚ್ಚು ಕಾಲ ಗುಡುಗು ಸಹಿತ ಸುರಿದ ಮಳೆಯಿಂದ ರಸ್ತೆಗಳು ಜಲಾವೃತವಾದವು. ಬಿಸಿಲಿನ ತಾಪಕ್ಕೆ ಬೇಸತ್ತಿದ್ದ ಜನರು ಮಳೆಯಿಂದಾಗಿ ನಿಟ್ಟುಸಿರು ಬಿಟ್ಟರು. ಇದರಿಂದ ಸಾರ್ವಜನಿಕರು ಸ್ವಲ್ಪ ನೆಮ್ಮದಿ ಕಂಡರು.

ಸಿಕ್ಕಾಪಟ್ಟೆ ಸುರಿದ ಆಲಿಕಲ್ಲು ಮಳೆಯಿಂದ ಸುತ್ತಮುತ್ತಲಿನ ಆಲಿಕಲ್ಲು ಹೆಚ್ಚು ಸುರಿಯಿತು. ಮಳೆ ಸುರಿದ ಪರಿಣಾಮ ವಾಹನ ಸವಾರರು ಪರದಾಡಿದರು. ವ್ಯಾಪಾರಸ್ಥರು ತಮ್ಮ ವಸ್ತುಗಳನ್ನು ರಕ್ಷಿಸಿಕೊಳ್ಳಲು ಹರಸಾಹಸ ಪಟ್ಟರು. ಹಲವು ಕಡೆಗಳಲ್ಲಿ ಮರಗಳು ಧರೆಗುರುಳಿದ್ದು, ವಿದ್ಯುತ್ ಸಂಪರ್ಕದಲ್ಲಿ ವ್ಯತ್ಯಯ ಉಂಟಾಗಿತ್ತು. ಸ್ಥಳೀಯರು ಆಲಿಕಲ್ಲು ಮಳೆಯನ್ನು ಕಂಡು ಸಂಭ್ರಮಿಸಿದರು. ಮಕ್ಕಳು ಆಲಿಕಲ್ಲುಗಳನ್ನು ಹಿಡಿದು ಆಟವಾಡಿದ ದೃಶ್ಯಗಳು ಕಂಡು ಬಂದವು.
